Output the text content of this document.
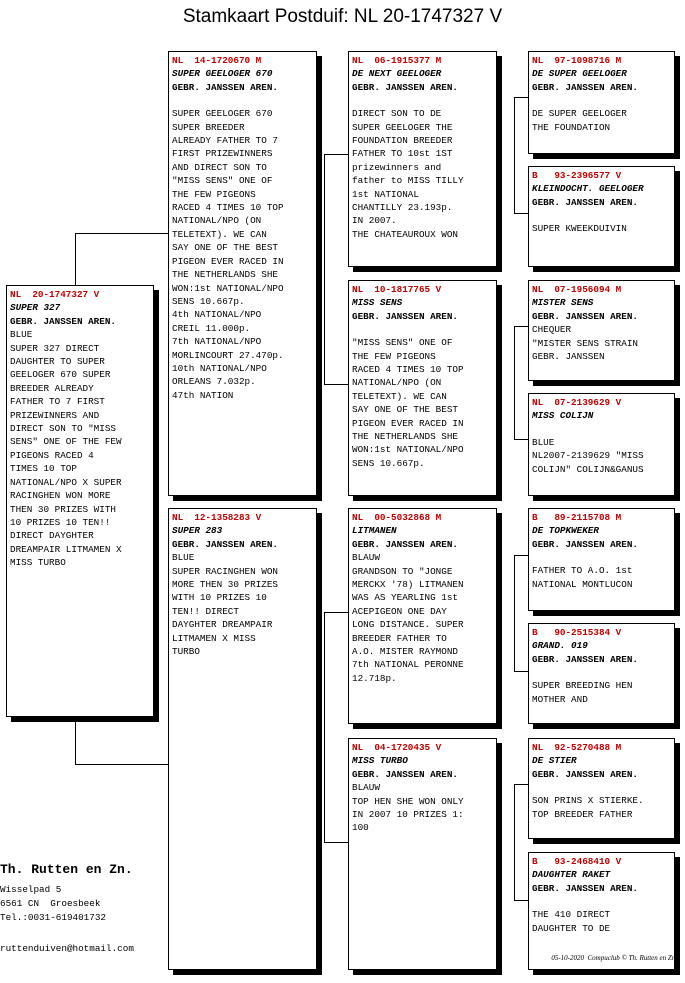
Stamkaart Postduif: NL 20-1747327 V
NL  20-1747327 V
SUPER 327
GEBR. JANSSEN AREN.
BLUE
SUPER 327 DIRECT
DAUGHTER TO SUPER
GEELOGER 670 SUPER
BREEDER ALREADY
FATHER TO 7 FIRST
PRIZEWINNERS AND
DIRECT SON TO "MISS
SENS" ONE OF THE FEW
PIGEONS RACED 4
TIMES 10 TOP
NATIONAL/NPO X SUPER
RACINGHEN WON MORE
THEN 30 PRIZES WITH
10 PRIZES 10 TEN!!
DIRECT DAYGHTER
DREAMPAIR LITMAMEN X
MISS TURBO
NL  14-1720670 M
SUPER GEELOGER 670
GEBR. JANSSEN AREN.
SUPER GEELOGER 670
SUPER BREEDER
ALREADY FATHER TO 7
FIRST PRIZEWINNERS
AND DIRECT SON TO
"MISS SENS" ONE OF
THE FEW PIGEONS
RACED 4 TIMES 10 TOP
NATIONAL/NPO (ON
TELETEXT). WE CAN
SAY ONE OF THE BEST
PIGEON EVER RACED IN
THE NETHERLANDS SHE
WON:1st NATIONAL/NPO
SENS 10.667p.
4th NATIONAL/NPO
CREIL 11.000p.
7th NATIONAL/NPO
MORLINCOURT 27.470p.
10th NATIONAL/NPO
ORLEANS 7.032p.
47th NATION
NL  12-1358283 V
SUPER 283
GEBR. JANSSEN AREN.
BLUE
SUPER RACINGHEN WON
MORE THEN 30 PRIZES
WITH 10 PRIZES 10
TEN!! DIRECT
DAYGHTER DREAMPAIR
LITMAMEN X MISS
TURBO
NL  06-1915377 M
DE NEXT GEELOGER
GEBR. JANSSEN AREN.
DIRECT SON TO DE
SUPER GEELOGER THE
FOUNDATION BREEDER
FATHER TO 10st 1ST
prizewinners and
father to MISS TILLY
1st NATIONAL
CHANTILLY 23.193p.
IN 2007.
THE CHATEAUROUX WON
NL  10-1817765 V
MISS SENS
GEBR. JANSSEN AREN.
"MISS SENS" ONE OF
THE FEW PIGEONS
RACED 4 TIMES 10 TOP
NATIONAL/NPO (ON
TELETEXT). WE CAN
SAY ONE OF THE BEST
PIGEON EVER RACED IN
THE NETHERLANDS SHE
WON:1st NATIONAL/NPO
SENS 10.667p.
NL  00-5032868 M
LITMANEN
GEBR. JANSSEN AREN.
BLAUW
GRANDSON TO "JONGE
MERCKX '78) LITMANEN
WAS AS YEARLING 1st
ACEPIGEON ONE DAY
LONG DISTANCE. SUPER
BREEDER FATHER TO
A.O. MISTER RAYMOND
7th NATIONAL PERONNE
12.718p.
NL  04-1720435 V
MISS TURBO
GEBR. JANSSEN AREN.
BLAUW
TOP HEN SHE WON ONLY
IN 2007 10 PRIZES 1:
100
NL  97-1098716 M
DE SUPER GEELOGER
GEBR. JANSSEN AREN.
DE SUPER GEELOGER
THE FOUNDATION
B   93-2396577 V
KLEINDOCHT. GEELOGER
GEBR. JANSSEN AREN.
SUPER KWEEKDUIVIN
NL  07-1956094 M
MISTER SENS
GEBR. JANSSEN AREN.
CHEQUER
"MISTER SENS STRAIN
GEBR. JANSSEN
NL  07-2139629 V
MISS COLIJN
BLUE
NL2007-2139629 "MISS
COLIJN" COLIJN&GANUS
B   89-2115708 M
DE TOPKWEKER
GEBR. JANSSEN AREN.
FATHER TO A.O. 1st
NATIONAL MONTLUCON
B   90-2515384 V
GRAND. 019
GEBR. JANSSEN AREN.
SUPER BREEDING HEN
MOTHER AND
NL  92-5270488 M
DE STIER
GEBR. JANSSEN AREN.
SON PRINS X STIERKE.
TOP BREEDER FATHER
B   93-2468410 V
DAUGHTER RAKET
GEBR. JANSSEN AREN.
THE 410 DIRECT
DAUGHTER TO DE
Th. Rutten en Zn.
Wisselpad 5
6561 CN  Groesbeek
Tel.:0031-619401732
ruttenduiven@hotmail.com
05-10-2020  Compuclub © Th. Rutten en Zn.
